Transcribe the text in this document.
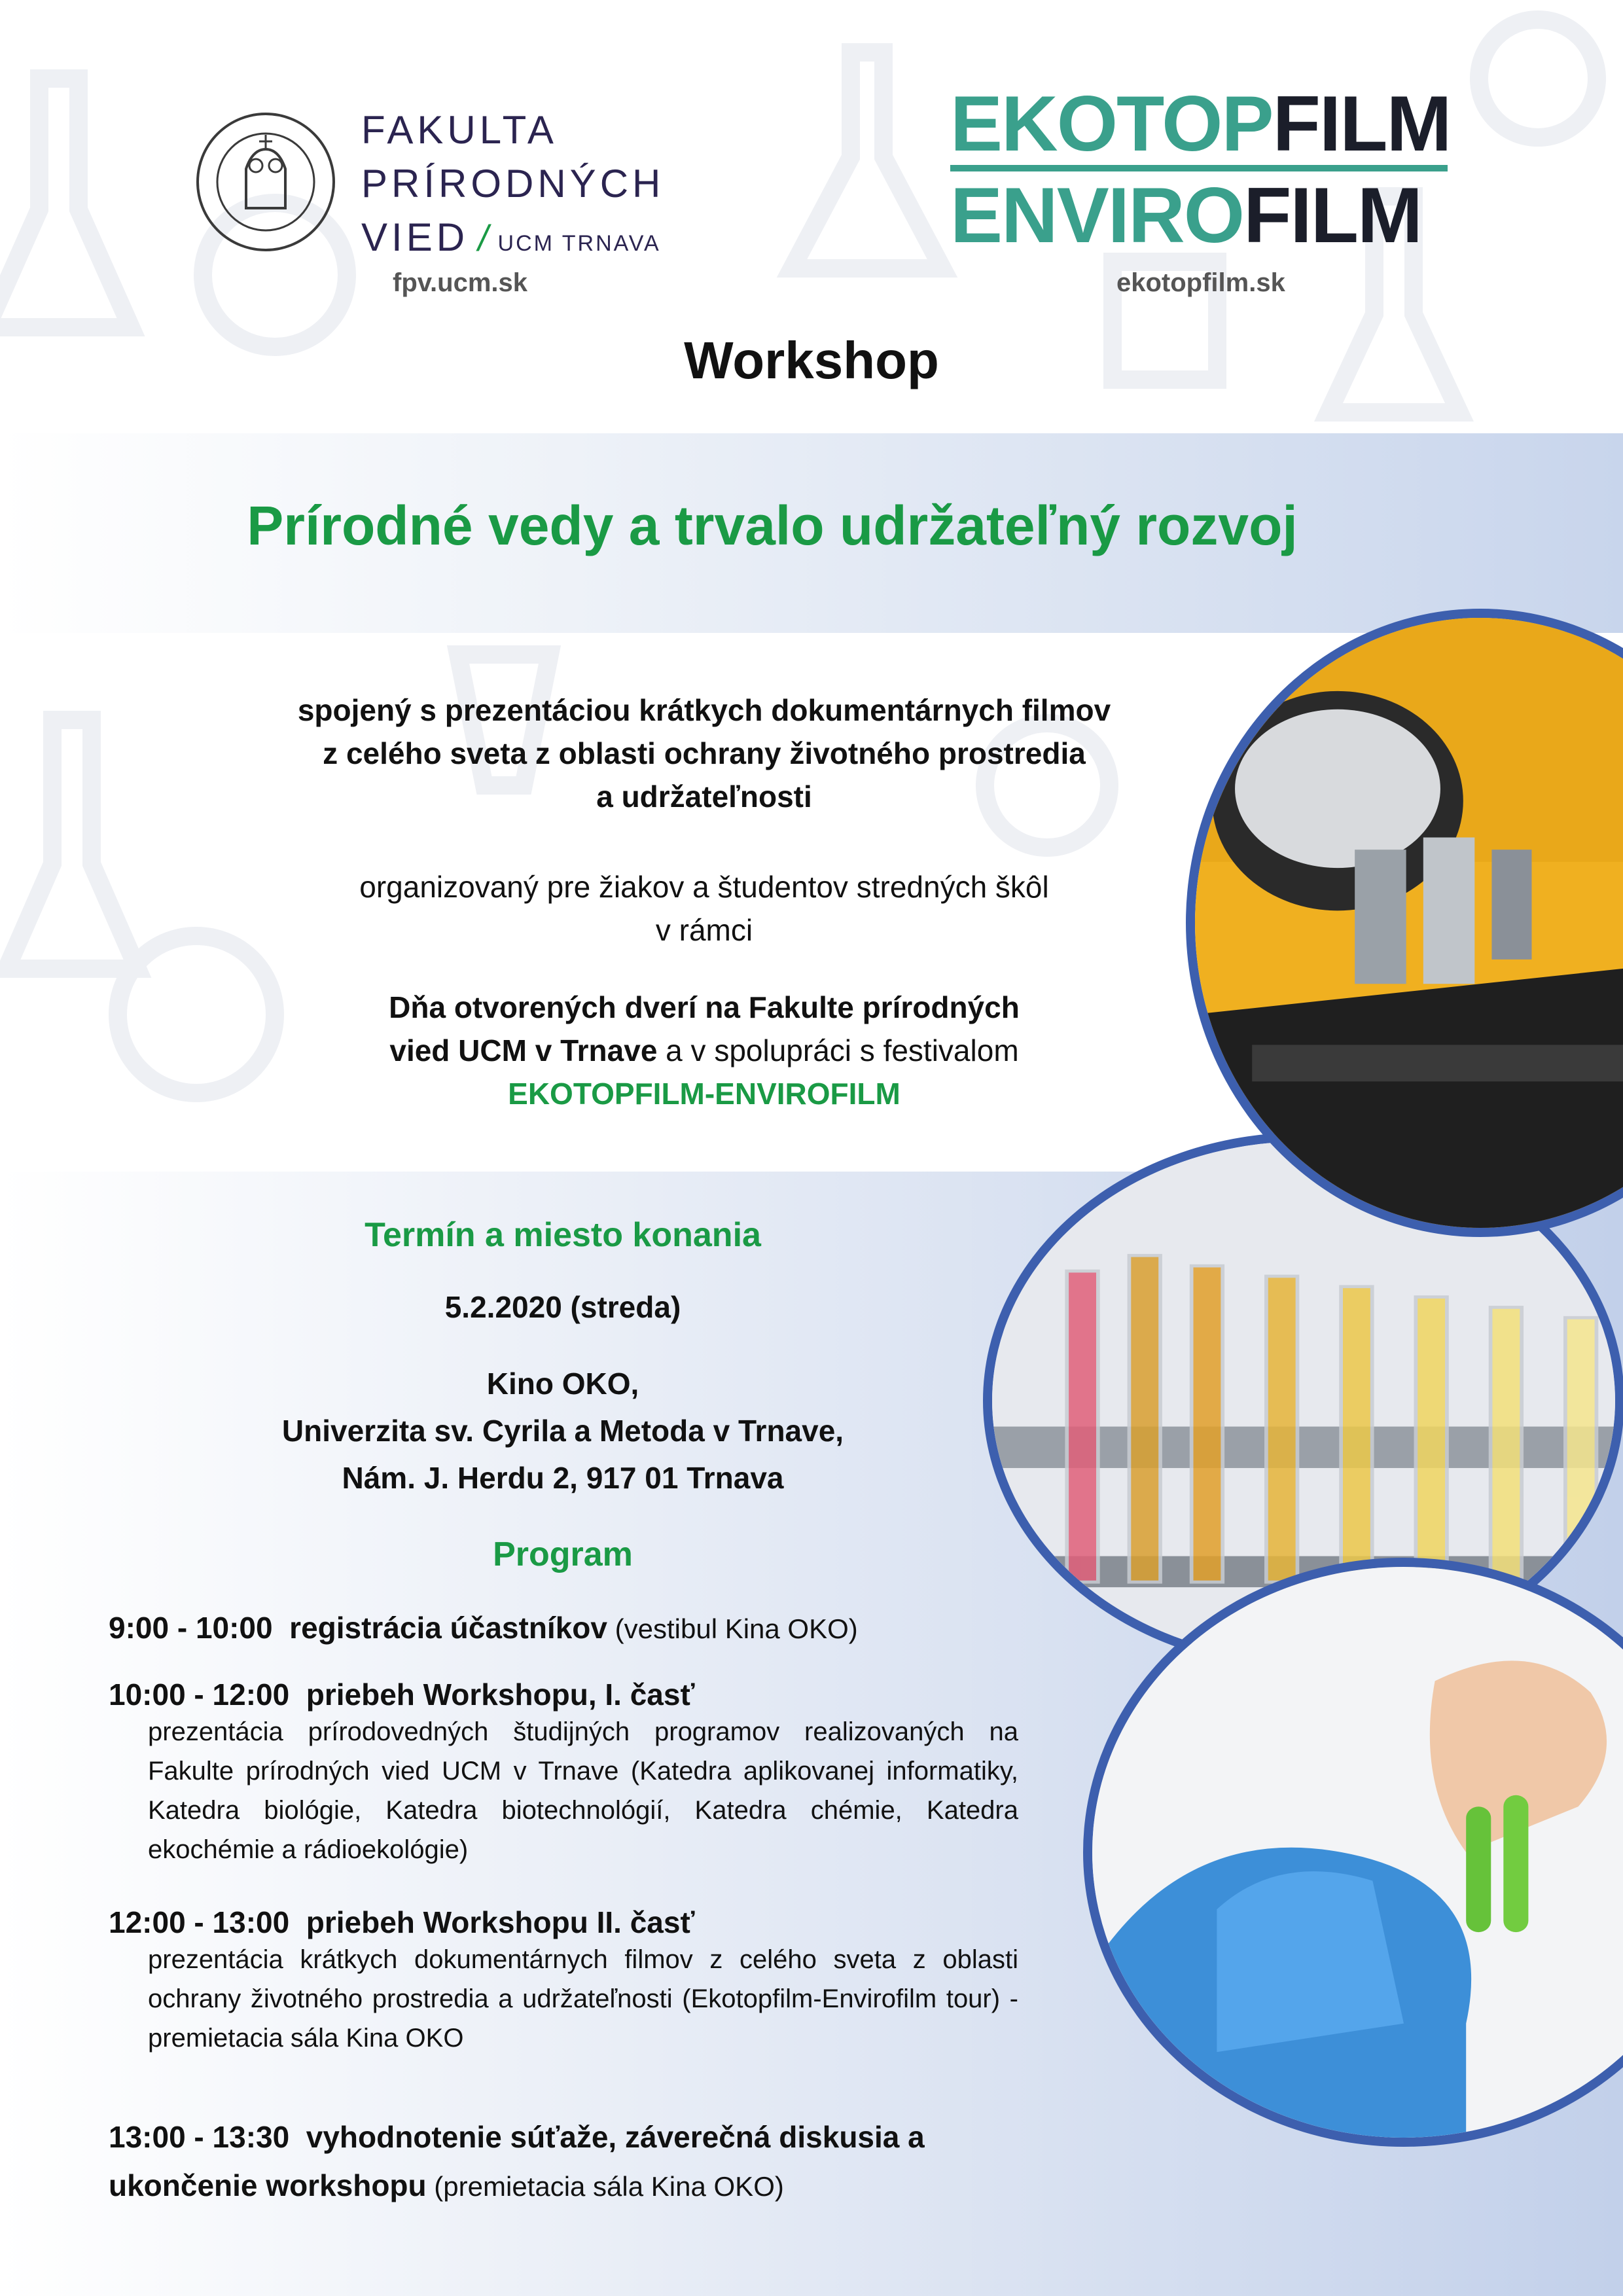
FAKULTA
PRÍRODNÝCH
VIED / UCM TRNAVA
fpv.ucm.sk
EKOTOPFILM
ENVIROFILM
ekotopfilm.sk
Workshop
Prírodné vedy a trvalo udržateľný rozvoj
spojený s prezentáciou krátkych dokumentárnych filmov
z celého sveta z oblasti ochrany životného prostredia
a udržateľnosti
organizovaný pre žiakov a študentov stredných škôl
v rámci
Dňa otvorených dverí na Fakulte prírodných
vied UCM v Trnave a v spolupráci s festivalom
EKOTOPFILM-ENVIROFILM
Termín a miesto konania
5.2.2020 (streda)
Kino OKO,
Univerzita sv. Cyrila a Metoda v Trnave,
Nám. J. Herdu 2, 917 01 Trnava
Program
9:00 - 10:00 registrácia účastníkov (vestibul Kina OKO)
10:00 - 12:00 priebeh Workshopu, I. časť
prezentácia prírodovedných študijných programov realizovaných na Fakulte prírodných vied UCM v Trnave (Katedra aplikovanej informatiky, Katedra biológie, Katedra biotechnológií, Katedra chémie, Katedra ekochémie a rádioekológie)
12:00 - 13:00 priebeh Workshopu II. časť
prezentácia krátkych dokumentárnych filmov z celého sveta z oblasti ochrany životného prostredia a udržateľnosti (Ekotopfilm-Envirofilm tour) - premietacia sála Kina OKO
13:00 - 13:30 vyhodnotenie súťaže, záverečná diskusia a
ukončenie workshopu (premietacia sála Kina OKO)
